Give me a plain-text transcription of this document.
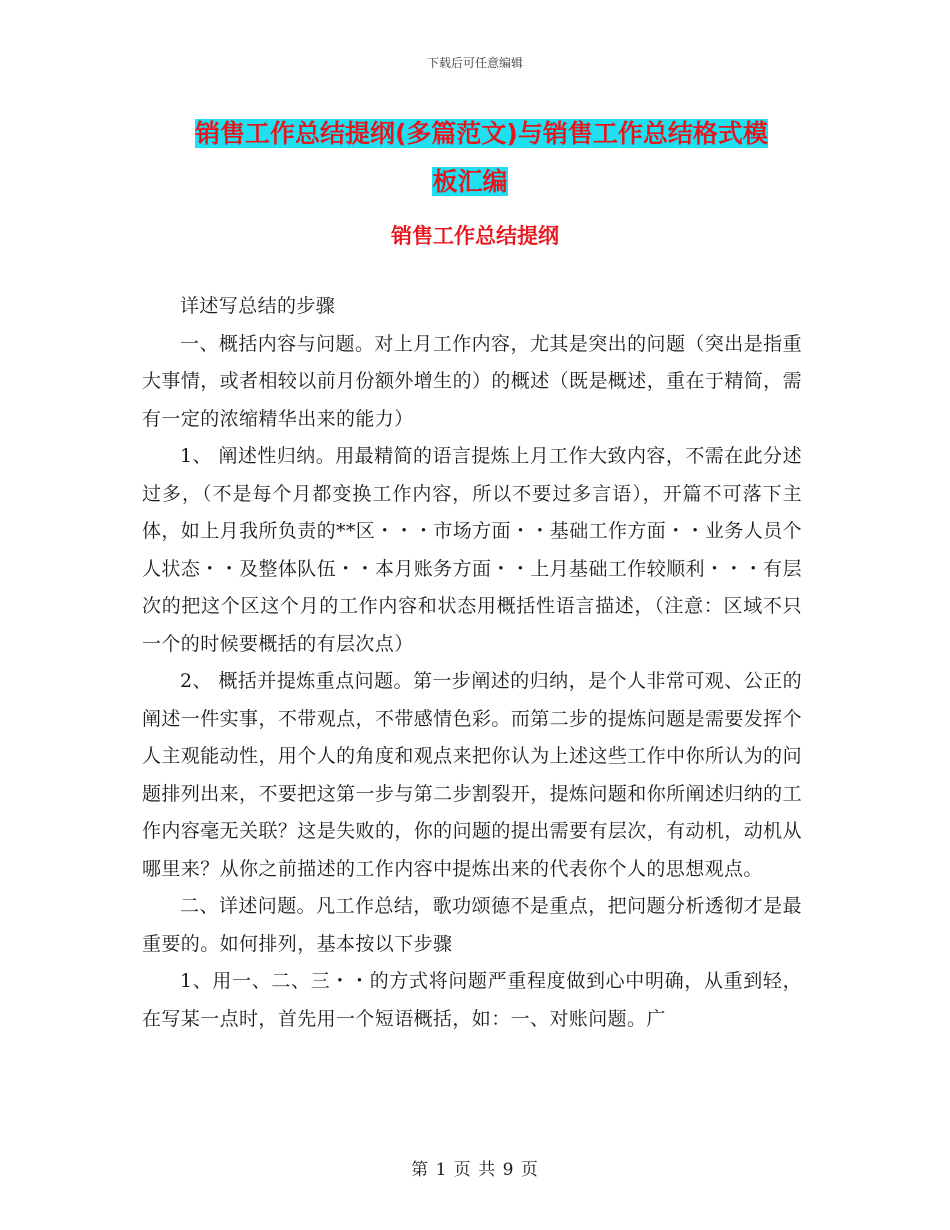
下载后可任意编辑
销售工作总结提纲(多篇范文)与销售工作总结格式模
板汇编
销售工作总结提纲

详述写总结的步骤

一、概括内容与问题。对上月工作内容，尤其是突出的问题（突出是指重大事情，或者相较以前月份额外增生的）的概述（既是概述，重在于精简，需有一定的浓缩精华出来的能力）

1、 阐述性归纳。用最精简的语言提炼上月工作大致内容，不需在此分述过多，（不是每个月都变换工作内容，所以不要过多言语），开篇不可落下主体，如上月我所负责的**区・・・市场方面・・基础工作方面・・业务人员个人状态・・及整体队伍・・本月账务方面・・上月基础工作较顺利・・・有层次的把这个区这个月的工作内容和状态用概括性语言描述，（注意：区域不只一个的时候要概括的有层次点）

2、 概括并提炼重点问题。第一步阐述的归纳，是个人非常可观、公正的阐述一件实事，不带观点，不带感情色彩。而第二步的提炼问题是需要发挥个人主观能动性，用个人的角度和观点来把你认为上述这些工作中你所认为的问题排列出来，不要把这第一步与第二步割裂开，提炼问题和你所阐述归纳的工作内容毫无关联？这是失败的，你的问题的提出需要有层次，有动机，动机从哪里来？从你之前描述的工作内容中提炼出来的代表你个人的思想观点。

二、详述问题。凡工作总结，歌功颂德不是重点，把问题分析透彻才是最重要的。如何排列，基本按以下步骤

1、用一、二、三・・的方式将问题严重程度做到心中明确，从重到轻，在写某一点时，首先用一个短语概括，如：一、对账问题。广

第 1 页 共 9 页
